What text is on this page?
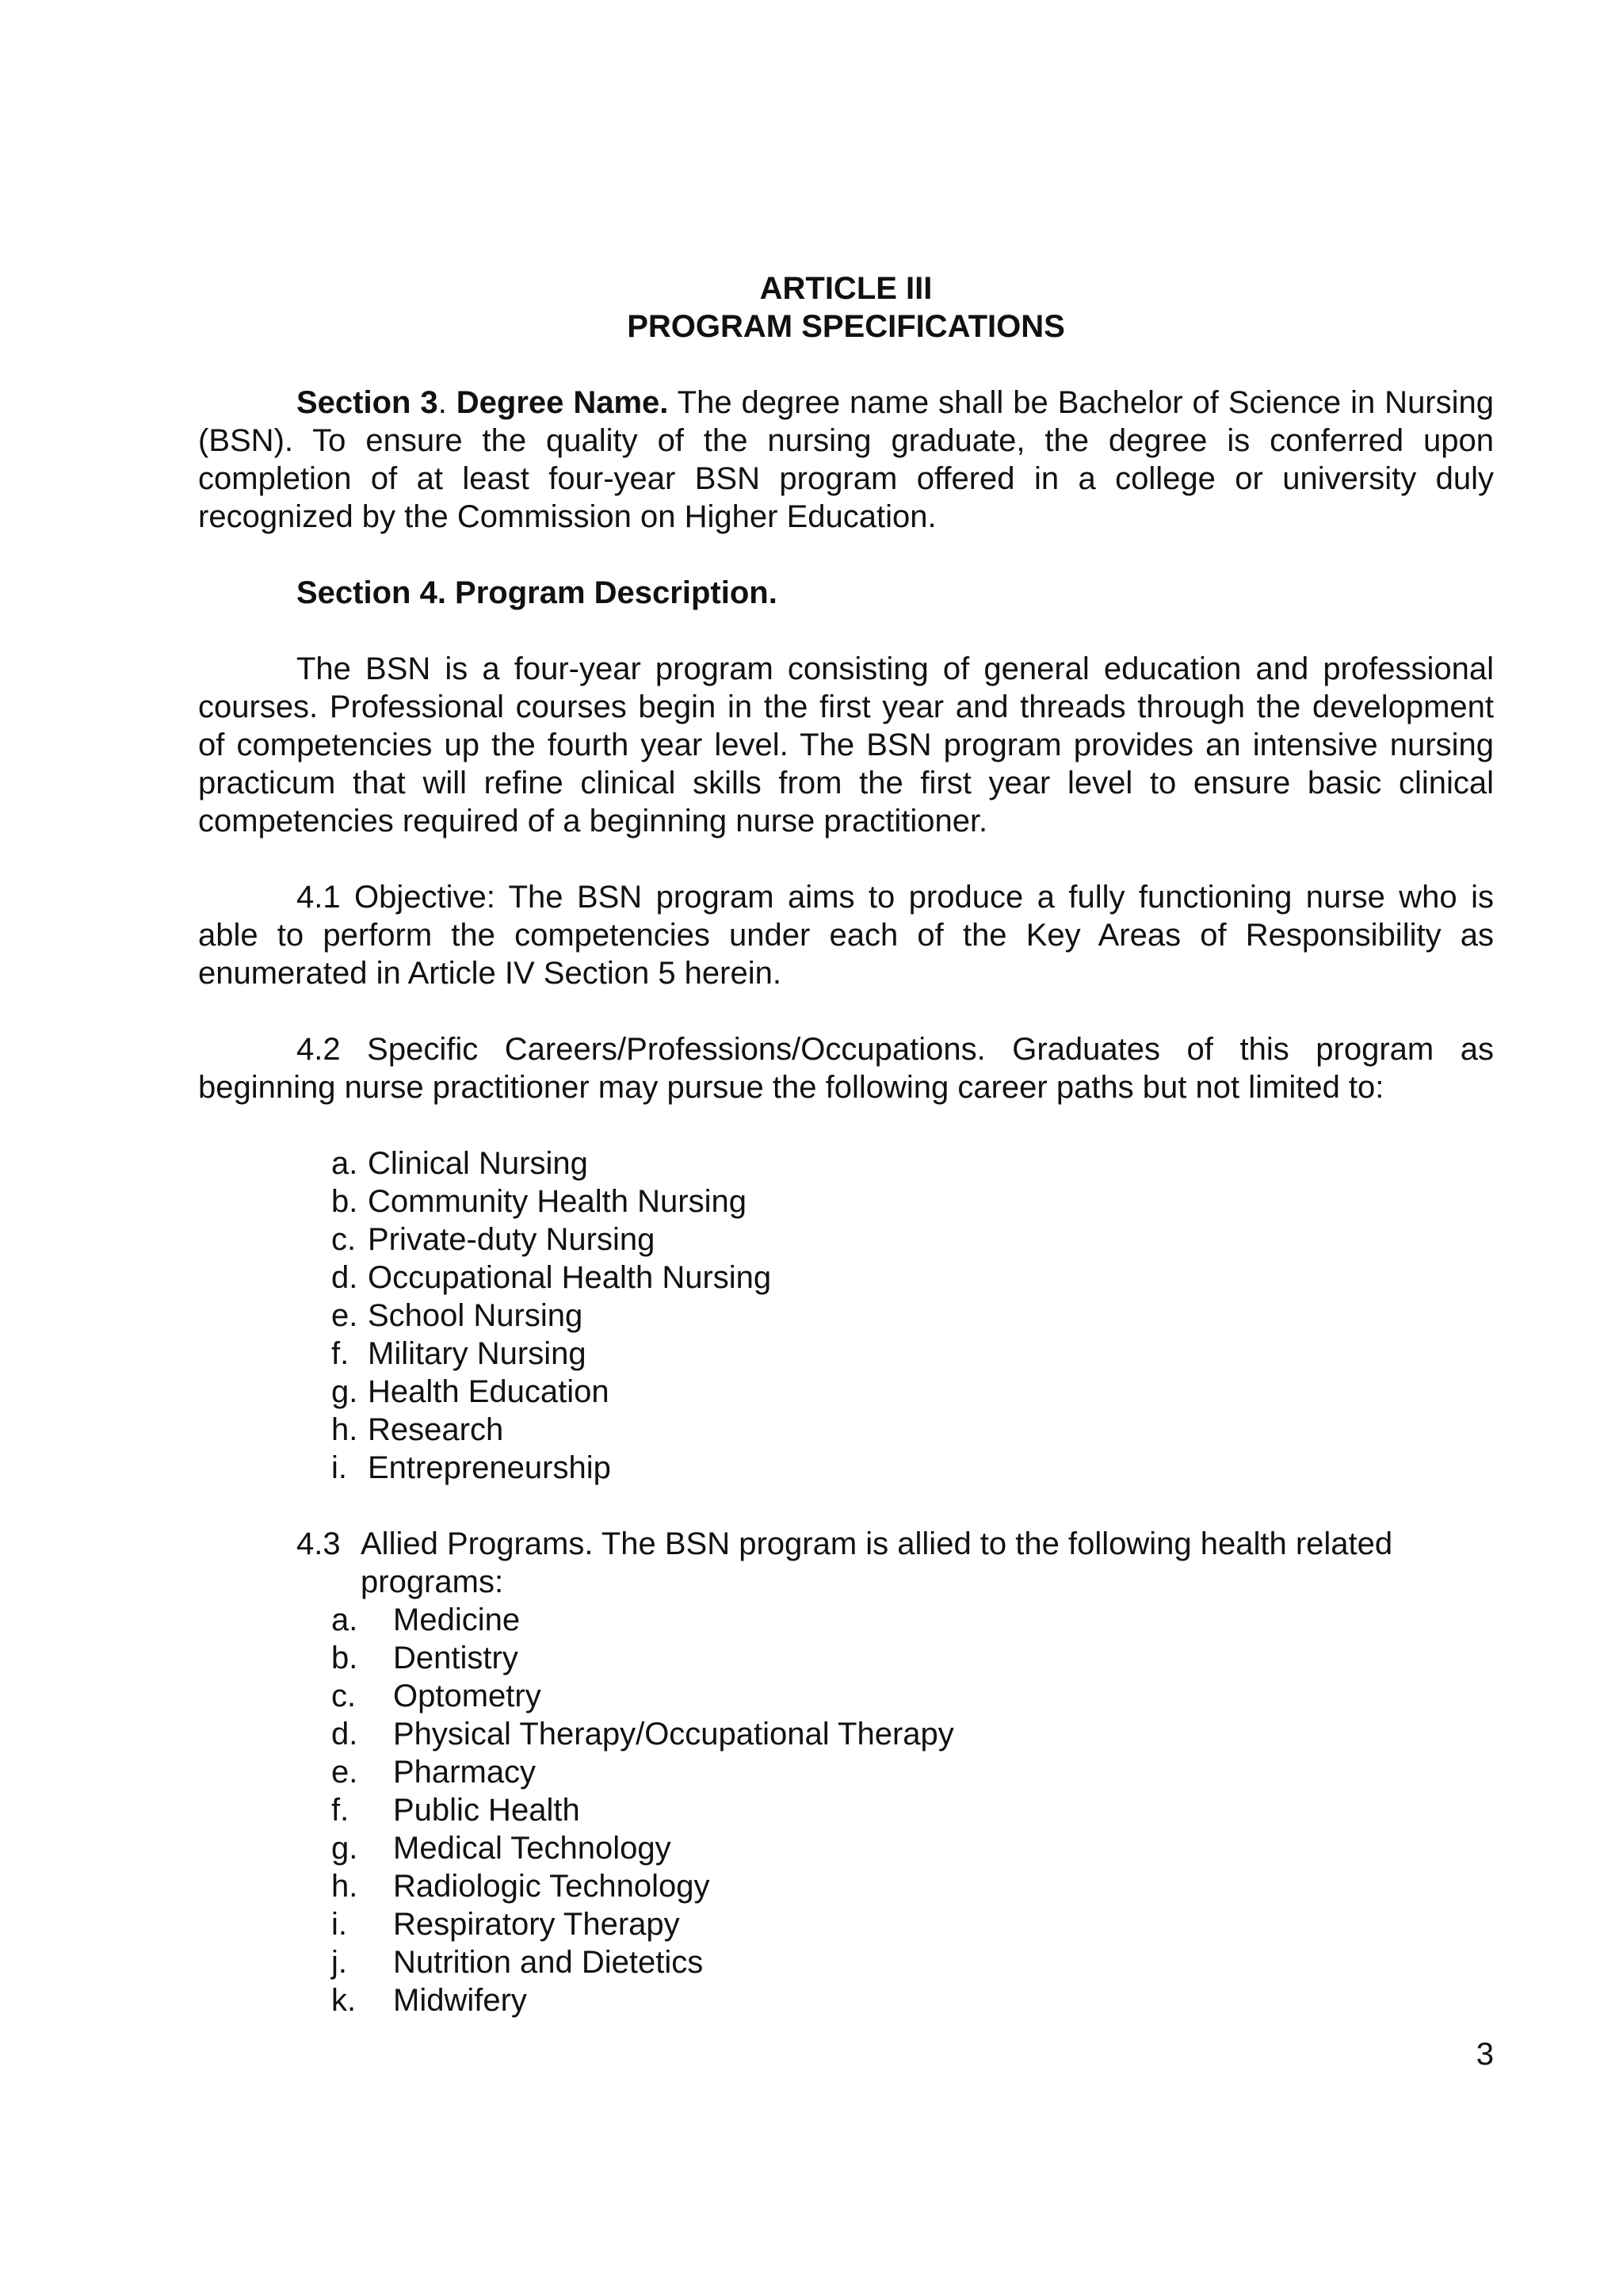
ARTICLE III
PROGRAM SPECIFICATIONS

Section 3. Degree Name. The degree name shall be Bachelor of Science in Nursing (BSN). To ensure the quality of the nursing graduate, the degree is conferred upon completion of at least four-year BSN program offered in a college or university duly recognized by the Commission on Higher Education.

Section 4. Program Description.

The BSN is a four-year program consisting of general education and professional courses. Professional courses begin in the first year and threads through the development of competencies up the fourth year level. The BSN program provides an intensive nursing practicum that will refine clinical skills from the first year level to ensure basic clinical competencies required of a beginning nurse practitioner.

4.1 Objective: The BSN program aims to produce a fully functioning nurse who is able to perform the competencies under each of the Key Areas of Responsibility as enumerated in Article IV Section 5 herein.

4.2 Specific Careers/Professions/Occupations. Graduates of this program as beginning nurse practitioner may pursue the following career paths but not limited to:

a. Clinical Nursing
b. Community Health Nursing
c. Private-duty Nursing
d. Occupational Health Nursing
e. School Nursing
f. Military Nursing
g. Health Education
h. Research
i. Entrepreneurship
4.3 Allied Programs. The BSN program is allied to the following health related programs:
a.	Medicine
b.	Dentistry
c.	Optometry
d.	Physical Therapy/Occupational Therapy
e.	Pharmacy
f.	Public Health
g.	Medical Technology
h.	Radiologic Technology
i.	Respiratory Therapy
j.	Nutrition and Dietetics
k.	Midwifery
3
